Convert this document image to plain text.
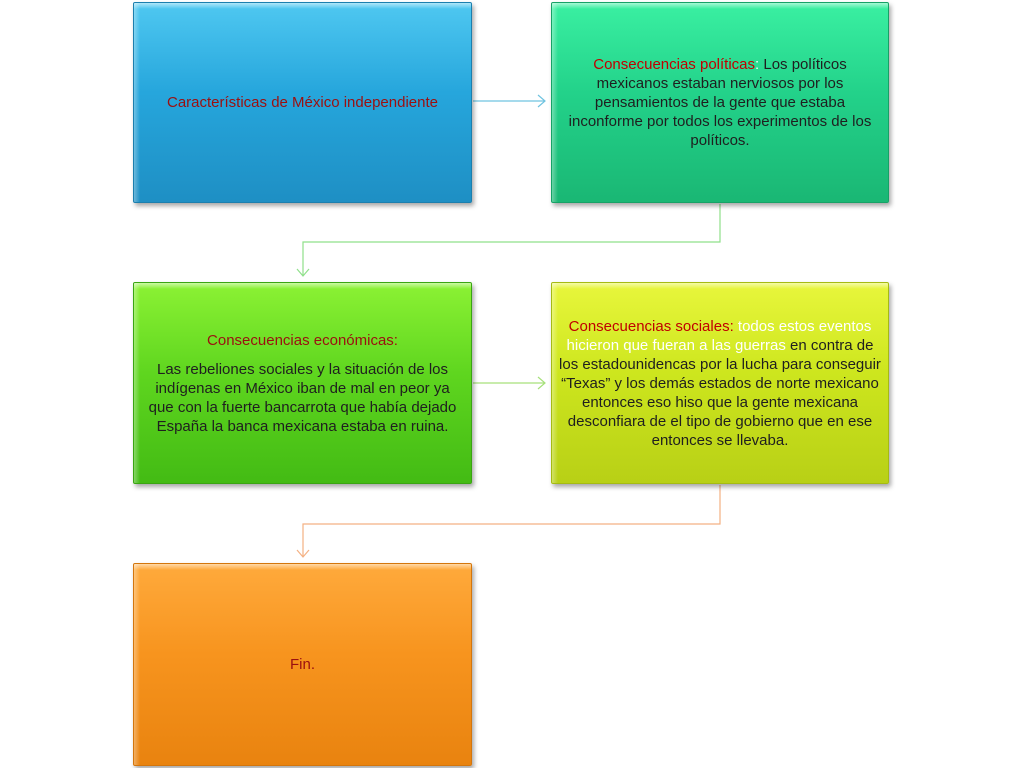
Características de México independiente
Consecuencias políticas: Los políticos mexicanos estaban nerviosos por los pensamientos de la gente que estaba inconforme por todos los experimentos de los políticos.
Consecuencias económicas:
Las rebeliones sociales y la situación de los indígenas en México iban de mal en peor ya que con la fuerte bancarrota que había dejado España la banca mexicana estaba en ruina.
Consecuencias sociales: todos estos eventos hicieron que fueran a las guerras en contra de los estadounidencas por la lucha para conseguir “Texas” y los demás estados de norte mexicano entonces eso hiso que la gente mexicana desconfiara de el tipo de gobierno que en ese entonces se llevaba.
Fin.
